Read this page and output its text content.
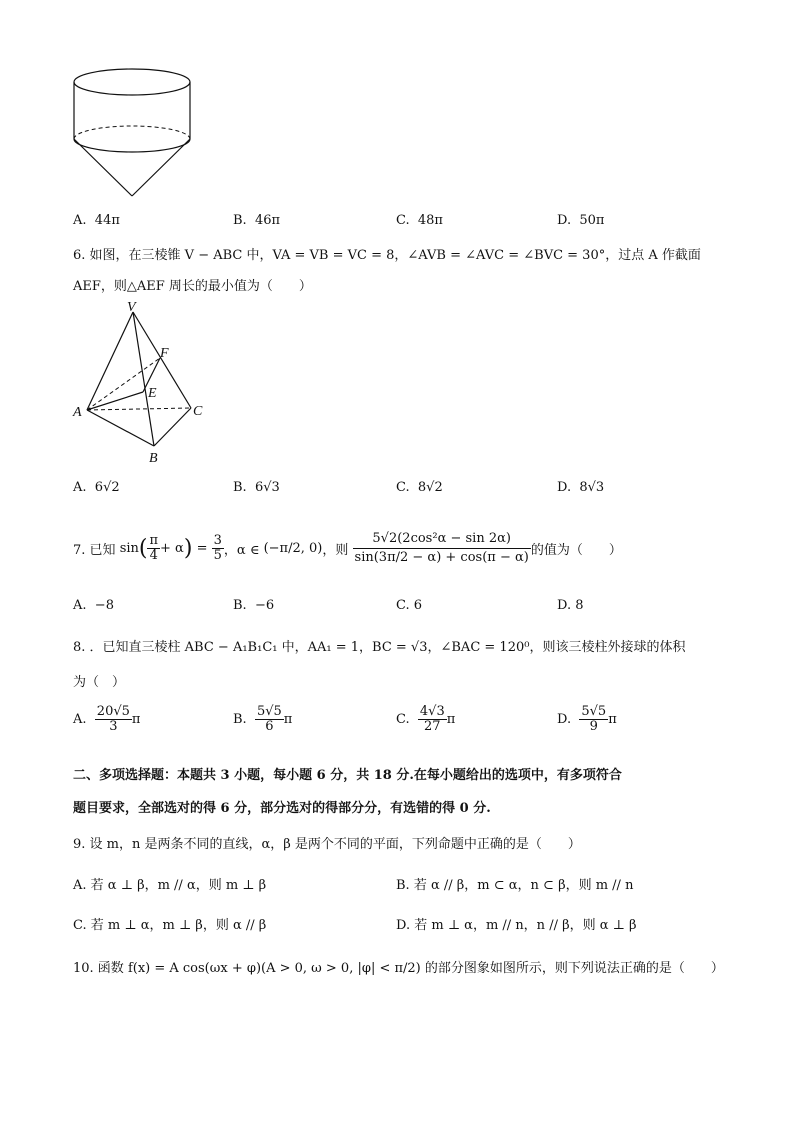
A. 44π	B. 46π	C. 48π	D. 50π
6. 如图，在三棱锥 V − ABC 中，VA = VB = VC = 8，∠AVB = ∠AVC = ∠BVC = 30°，过点 A 作截面
AEF，则△AEF 周长的最小值为（　　）
V
F
E
A	C
B
A. 6√2	B. 6√3	C. 8√2	D. 8√3
7. 已知
sin ( $\frac{\pi}{4} + \alpha$ )
=
$\frac{3}{5}$ ，α ∈
(−π/2, 0) ，则
$\frac{\text{5√2(2cos²α − sin 2α)}}{\sin(3\pi/2 - \alpha) + \cos(\pi - \alpha)}$ 的值为（　　）
A. −8	B. −6	C. 6	D. 8
8. ．已知直三棱柱 ABC − A₁B₁C₁ 中，AA₁ = 1，BC = √3，∠BAC = 120⁰，则该三棱柱外接球的体积
为（　）
A.
$\frac{20√5}{3}$ π	B.
$\frac{5√5}{6}$ π	C.
$\frac{4√3}{27}$ π	D.
$\frac{5√5}{9}$ π
二、多项选择题：本题共 3 小题，每小题 6 分，共 18 分.在每小题给出的选项中，有多项符合
题目要求，全部选对的得 6 分，部分选对的得部分分，有选错的得 0 分.
9. 设 m，n 是两条不同的直线，α，β 是两个不同的平面，下列命题中正确的是（　　）
A. 若 α ⊥ β，m // α，则 m ⊥ β	B. 若 α // β，m ⊂ α，n ⊂ β，则 m // n
C. 若 m ⊥ α，m ⊥ β，则 α // β	D. 若 m ⊥ α，m // n，n // β，则 α ⊥ β
10. 函数 f(x) = A cos(ωx + φ)(A > 0, ω > 0, |φ| < π/2) 的部分图象如图所示，则下列说法正确的是（　　）
